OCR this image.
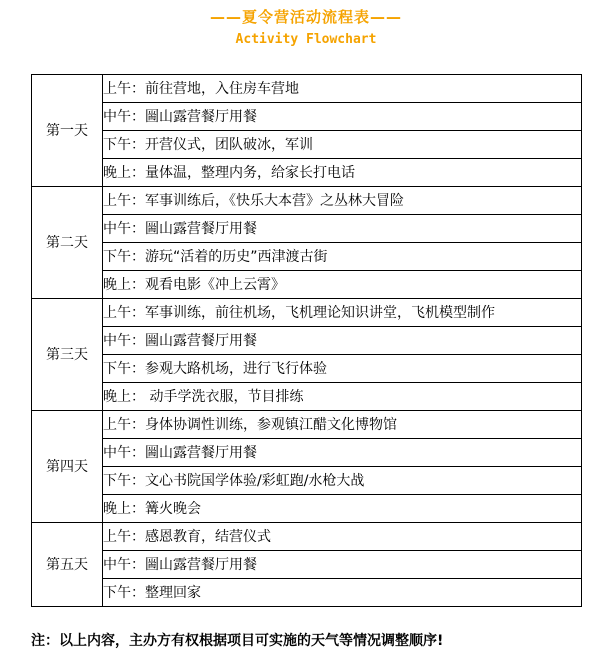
——夏令营活动流程表——
Activity Flowchart
第一天	上午：前往营地，入住房车营地
	中午：圌山露营餐厅用餐
	下午：开营仪式，团队破冰，军训
	晚上：量体温，整理内务，给家长打电话
第二天	上午：军事训练后，《快乐大本营》之丛林大冒险
	中午：圌山露营餐厅用餐
	下午：游玩“活着的历史”西津渡古街
	晚上：观看电影《冲上云霄》
第三天	上午：军事训练，前往机场，飞机理论知识讲堂，飞机模型制作
	中午：圌山露营餐厅用餐
	下午：参观大路机场，进行飞行体验
	晚上： 动手学洗衣服，节目排练
第四天	上午：身体协调性训练，参观镇江醋文化博物馆
	中午：圌山露营餐厅用餐
	下午：文心书院国学体验/彩虹跑/水枪大战
	晚上：篝火晚会
第五天	上午：感恩教育，结营仪式
	中午：圌山露营餐厅用餐
	下午：整理回家
注：以上内容，主办方有权根据项目可实施的天气等情况调整顺序!
